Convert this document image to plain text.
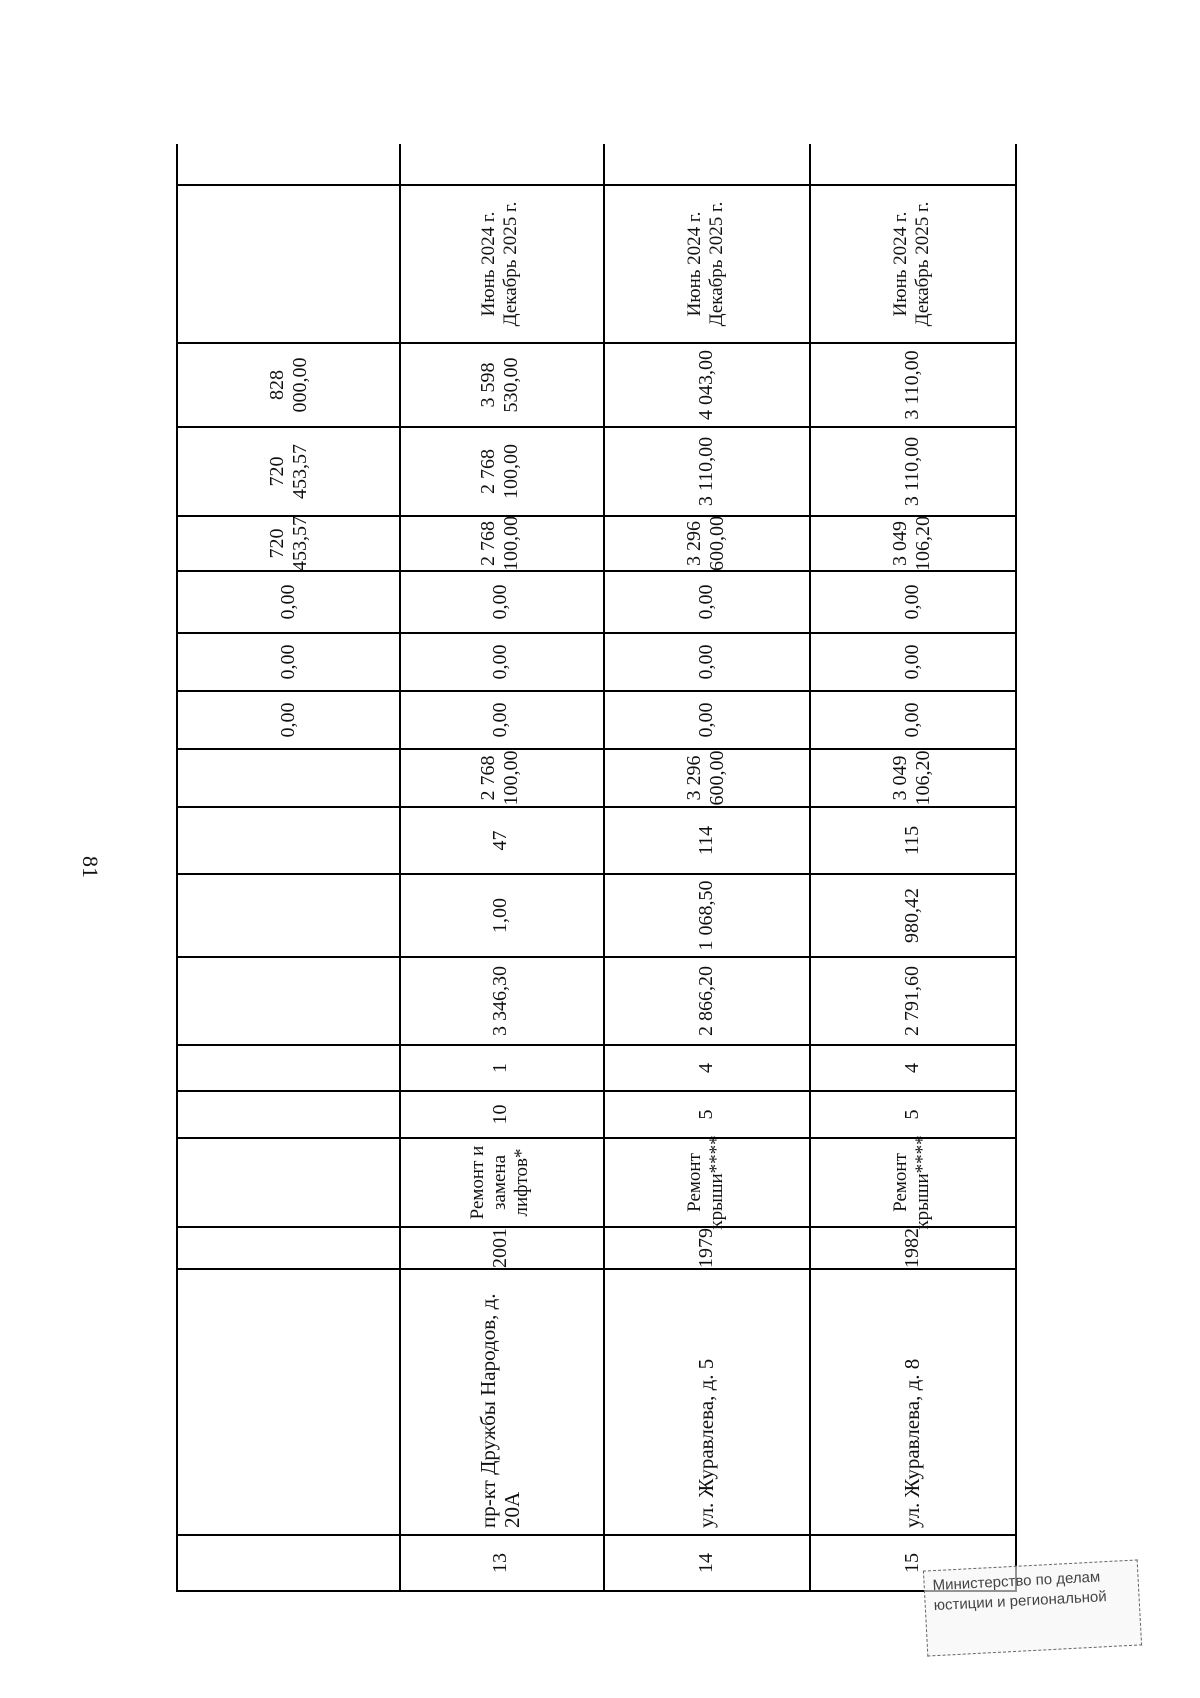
81
0,00
0,00
0,00
720 453,57
720 453,57
828 000,00
13
пр-кт Дружбы Народов, д. 20А
2001
Ремонт и замена лифтов*
10
1
3 346,30
1,00
47
2 768 100,00
0,00
0,00
0,00
2 768 100,00
2 768 100,00
3 598 530,00
Июнь 2024 г. Декабрь 2025 г.
14
ул. Журавлева, д. 5
1979
Ремонт крыши****
5
4
2 866,20
1 068,50
114
3 296 600,00
0,00
0,00
0,00
3 296 600,00
3 110,00
4 043,00
Июнь 2024 г. Декабрь 2025 г.
15
ул. Журавлева, д. 8
1982
Ремонт крыши****
5
4
2 791,60
980,42
115
3 049 106,20
0,00
0,00
0,00
3 049 106,20
3 110,00
3 110,00
Июнь 2024 г. Декабрь 2025 г.
Министерство по делам
юстиции и региональной
